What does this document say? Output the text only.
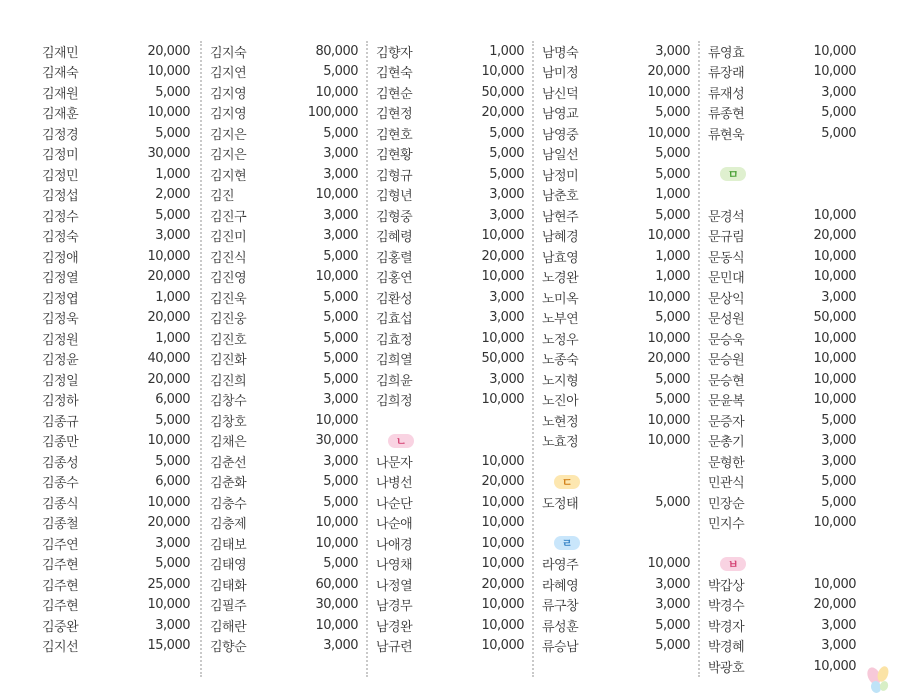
김재민	20,000
김재숙	10,000
김재원	5,000
김재훈	10,000
김정경	5,000
김정미	30,000
김정민	1,000
김정섭	2,000
김정수	5,000
김정숙	3,000
김정애	10,000
김정열	20,000
김정엽	1,000
김정욱	20,000
김정원	1,000
김정윤	40,000
김정일	20,000
김정하	6,000
김종규	5,000
김종만	10,000
김종성	5,000
김종수	6,000
김종식	10,000
김종철	20,000
김주연	3,000
김주현	5,000
김주현	25,000
김주현	10,000
김중완	3,000
김지선	15,000
김지숙	80,000
김지연	5,000
김지영	10,000
김지영	100,000
김지은	5,000
김지은	3,000
김지현	3,000
김진	10,000
김진구	3,000
김진미	3,000
김진식	5,000
김진영	10,000
김진욱	5,000
김진웅	5,000
김진호	5,000
김진화	5,000
김진희	5,000
김창수	3,000
김창호	10,000
김채은	30,000
김춘선	3,000
김춘화	5,000
김충수	5,000
김충제	10,000
김태보	10,000
김태영	5,000
김태화	60,000
김필주	30,000
김해란	10,000
김향순	3,000
김향자	1,000
김현숙	10,000
김현순	50,000
김현정	20,000
김현호	5,000
김현황	5,000
김형규	5,000
김형년	3,000
김형중	3,000
김혜령	10,000
김홍렬	20,000
김홍연	10,000
김환성	3,000
김효섭	3,000
김효정	10,000
김희열	50,000
김희윤	3,000
김희정	10,000
ㄴ
나문자	10,000
나병선	20,000
나순단	10,000
나순애	10,000
나애경	10,000
나영채	10,000
나정열	20,000
남경무	10,000
남경완	10,000
남규련	10,000
남명숙	3,000
남미정	20,000
남신덕	10,000
남영교	5,000
남영중	10,000
남일선	5,000
남정미	5,000
남춘호	1,000
남현주	5,000
남혜경	10,000
남효영	1,000
노경완	1,000
노미옥	10,000
노부연	5,000
노정우	10,000
노종숙	20,000
노지형	5,000
노진아	5,000
노현정	10,000
노효정	10,000
ㄷ
도정태	5,000
ㄹ
라영주	10,000
라혜영	3,000
류구창	3,000
류성훈	5,000
류승남	5,000
류영효	10,000
류장래	10,000
류재성	3,000
류종현	5,000
류현욱	5,000
ㅁ
문경석	10,000
문규림	20,000
문동식	10,000
문민대	10,000
문상익	3,000
문성원	50,000
문승욱	10,000
문승원	10,000
문승현	10,000
문윤복	10,000
문증자	5,000
문총기	3,000
문형한	3,000
민관식	5,000
민장순	5,000
민지수	10,000
ㅂ
박갑상	10,000
박경수	20,000
박경자	3,000
박경혜	3,000
박광호	10,000
